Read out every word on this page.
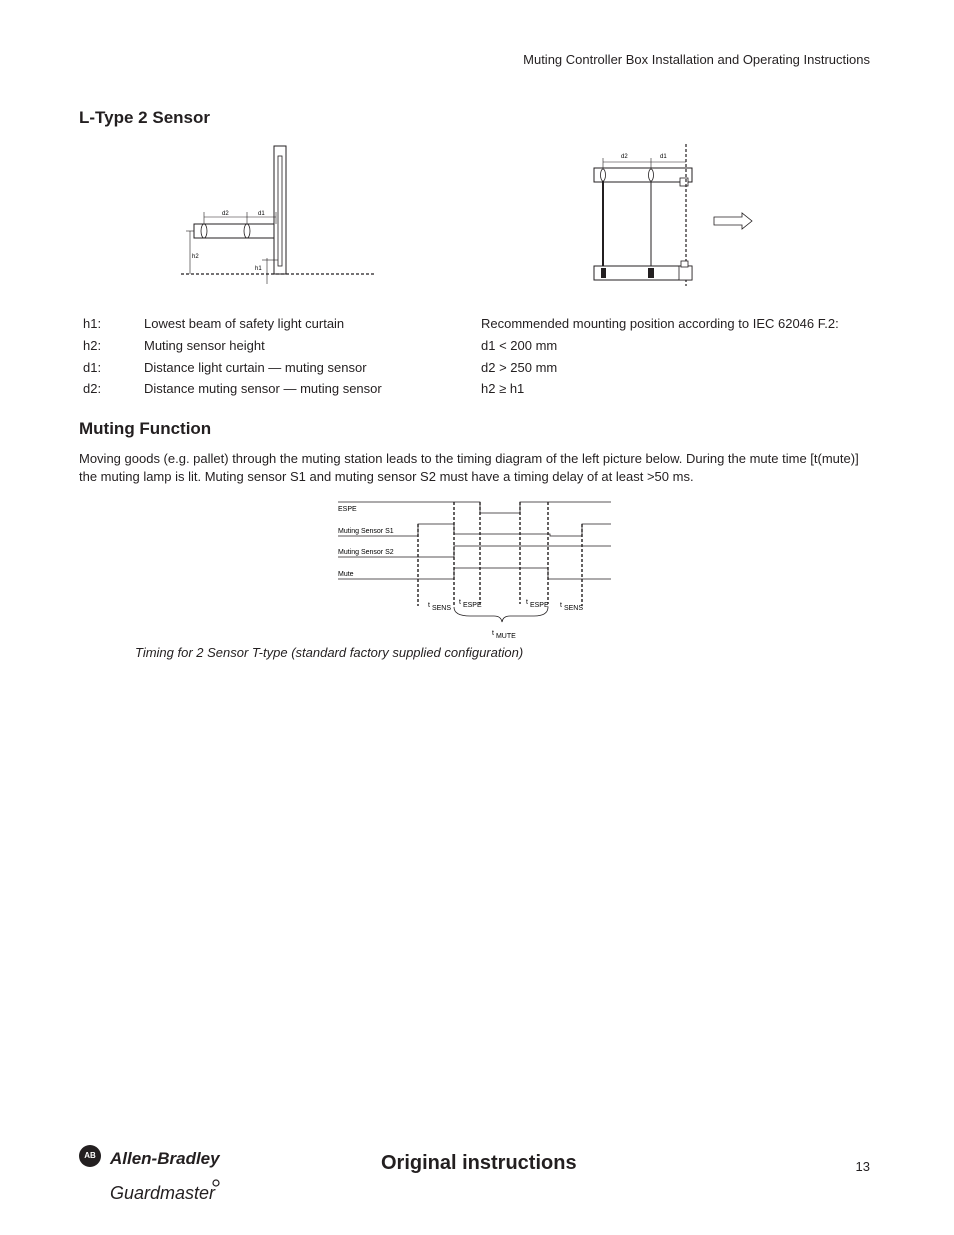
Muting Controller Box Installation and Operating Instructions
L-Type 2 Sensor
d2	d1
h2
h1
d2	d1
h1:	Lowest beam of safety light curtain
h2:	Muting sensor height
d1:	Distance light curtain — muting sensor
d2:	Distance muting sensor — muting sensor
Recommended mounting position according to IEC 62046 F.2:
d1 < 200 mm
d2 > 250 mm
h2 ≥ h1
Muting Function
Moving goods (e.g. pallet) through the muting station leads to the timing diagram of the left picture below. During the mute time [t(mute)] the muting lamp is lit. Muting sensor S1 and muting sensor S2 must have a timing delay of at least >50 ms.
ESPE
Muting Sensor S1
Muting Sensor S2
Mute
t SENS
t ESPE	t ESPE t SENS
t MUTE
Timing for 2 Sensor T-type (standard factory supplied configuration)
AB Allen-Bradley
Guardmaster
Original instructions	13
